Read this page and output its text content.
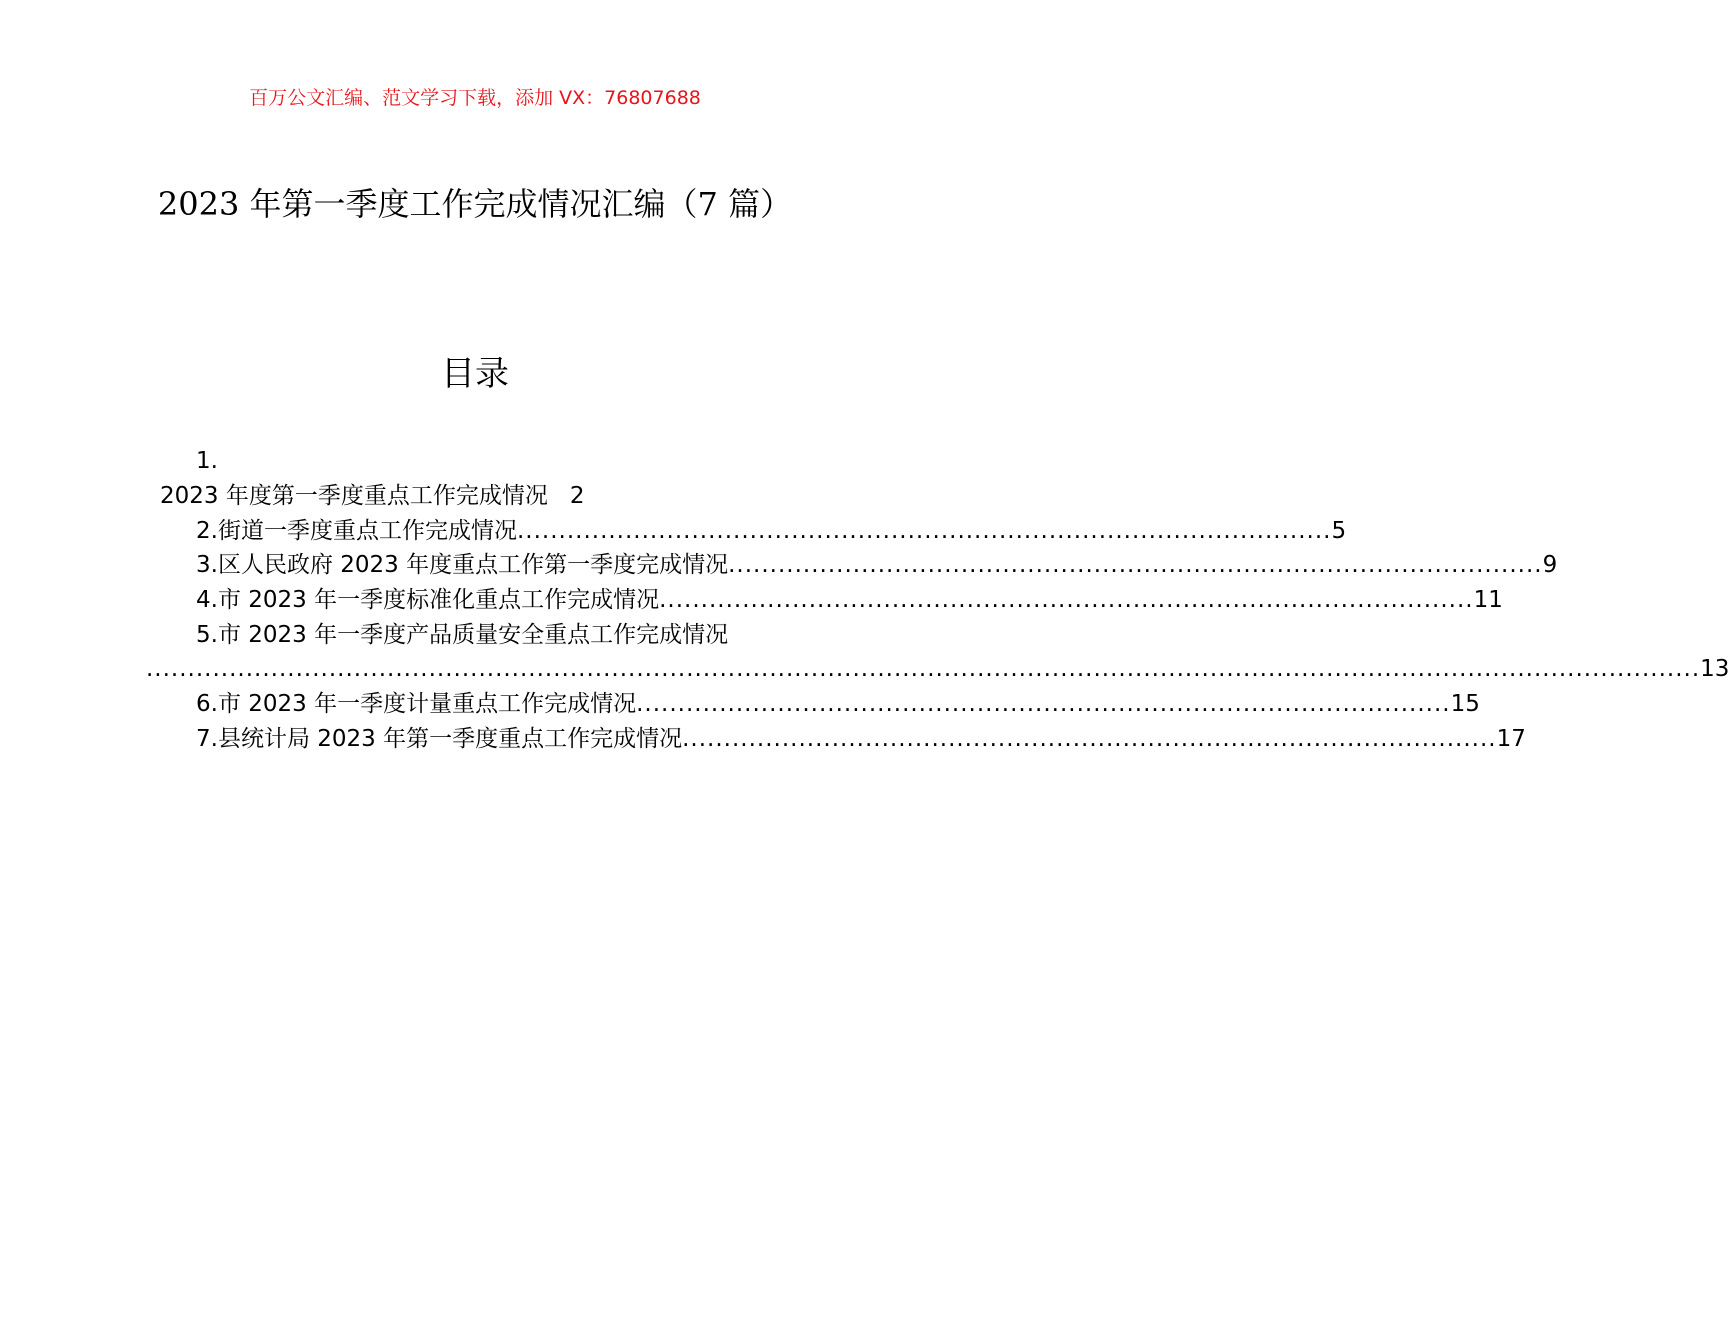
百万公文汇编、范文学习下载，添加 VX：76807688
2023 年第一季度工作完成情况汇编（7 篇）
目录
1.
2023 年度第一季度重点工作完成情况 2
2. 街道一季度重点工作完成情况 .................................................................................................. 5
3. 区人民政府 2023 年度重点工作第一季度完成情况 .................................................................................................. 9
4. 市 2023 年一季度标准化重点工作完成情况 .................................................................................................. 11
5.市 2023 年一季度产品质量安全重点工作完成情况
........................................................................................................................................................................................... 13
6. 市 2023 年一季度计量重点工作完成情况 .................................................................................................. 15
7. 县统计局 2023 年第一季度重点工作完成情况 .................................................................................................. 17
